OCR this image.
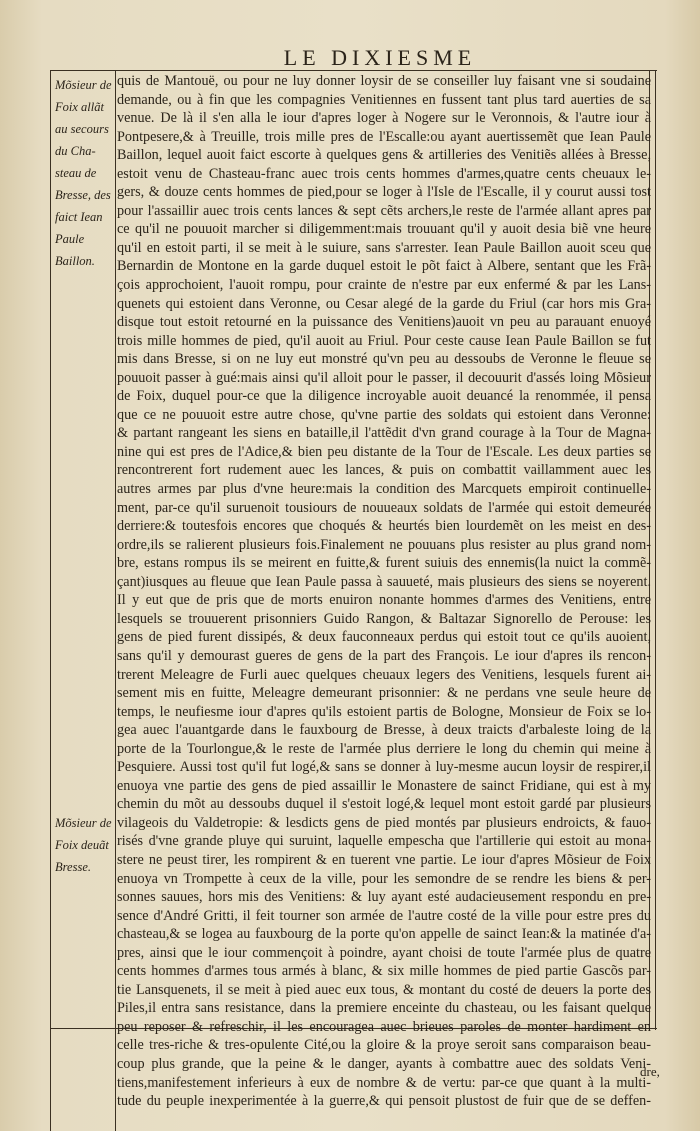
LE DIXIESME
Mõsieur de
Foix allãt
au secours
du Cha-
steau de
Bresse, des
faict Iean
Paule
Baillon.
Mõsieur de
Foix deuãt
Bresse.
quis de Mantouë, ou pour ne luy donner loysir de se conseiller luy faisant vne si soudaine
demande, ou à fin que les compagnies Venitiennes en fussent tant plus tard auerties de sa
venue. De là il s'en alla le iour d'apres loger à Nogere sur le Veronnois, & l'autre iour à
Pontpesere,& à Treuille, trois mille pres de l'Escalle:ou ayant auertissemẽt que Iean Paule
Baillon, lequel auoit faict escorte à quelques gens & artilleries des Venitiẽs allées à Bresse,
estoit venu de Chasteau-franc auec trois cents hommes d'armes,quatre cents cheuaux le-
gers, & douze cents hommes de pied,pour se loger à l'Isle de l'Escalle, il y courut aussi tost
pour l'assaillir auec trois cents lances & sept cẽts archers,le reste de l'armée allant apres par
ce qu'il ne pouuoit marcher si diligemment:mais trouuant qu'il y auoit desia biẽ vne heure
qu'il en estoit parti, il se meit à le suiure, sans s'arrester. Iean Paule Baillon auoit sceu que
Bernardin de Montone en la garde duquel estoit le põt faict à Albere, sentant que les Frã-
çois approchoient, l'auoit rompu, pour crainte de n'estre par eux enfermé & par les Lans-
quenets qui estoient dans Veronne, ou Cesar alegé de la garde du Friul (car hors mis Gra-
disque tout estoit retourné en la puissance des Venitiens)auoit vn peu au parauant enuoyé
trois mille hommes de pied, qu'il auoit au Friul. Pour ceste cause Iean Paule Baillon se fut
mis dans Bresse, si on ne luy eut monstré qu'vn peu au dessoubs de Veronne le fleuue se
pouuoit passer à gué:mais ainsi qu'il alloit pour le passer, il decouurit d'assés loing Mõsieur
de Foix, duquel pour-ce que la diligence incroyable auoit deuancé la renommée, il pensa
que ce ne pouuoit estre autre chose, qu'vne partie des soldats qui estoient dans Veronne:
& partant rangeant les siens en bataille,il l'attẽdit d'vn grand courage à la Tour de Magna-
nine qui est pres de l'Adice,& bien peu distante de la Tour de l'Escale. Les deux parties se
rencontrerent fort rudement auec les lances, & puis on combattit vaillamment auec les
autres armes par plus d'vne heure:mais la condition des Marcquets empiroit continuelle-
ment, par-ce qu'il suruenoit tousiours de nouueaux soldats de l'armée qui estoit demeurée
derriere:& toutesfois encores que choqués & heurtés bien lourdemẽt on les meist en des-
ordre,ils se ralierent plusieurs fois.Finalement ne pouuans plus resister au plus grand nom-
bre, estans rompus ils se meirent en fuitte,& furent suiuis des ennemis(la nuict la commẽ-
çant)iusques au fleuue que Iean Paule passa à sauueté, mais plusieurs des siens se noyerent.
Il y eut que de pris que de morts enuiron nonante hommes d'armes des Venitiens, entre
lesquels se trouuerent prisonniers Guido Rangon, & Baltazar Signorello de Perouse: les
gens de pied furent dissipés, & deux fauconneaux perdus qui estoit tout ce qu'ils auoient,
sans qu'il y demourast gueres de gens de la part des François. Le iour d'apres ils rencon-
trerent Meleagre de Furli auec quelques cheuaux legers des Venitiens, lesquels furent ai-
sement mis en fuitte, Meleagre demeurant prisonnier: & ne perdans vne seule heure de
temps, le neufiesme iour d'apres qu'ils estoient partis de Bologne, Monsieur de Foix se lo-
gea auec l'auantgarde dans le fauxbourg de Bresse, à deux traicts d'arbaleste loing de la
porte de la Tourlongue,& le reste de l'armée plus derriere le long du chemin qui meine à
Pesquiere. Aussi tost qu'il fut logé,& sans se donner à luy-mesme aucun loysir de respirer,il
enuoya vne partie des gens de pied assaillir le Monastere de sainct Fridiane, qui est à my
chemin du mõt au dessoubs duquel il s'estoit logé,& lequel mont estoit gardé par plusieurs
vilageois du Valdetropie: & lesdicts gens de pied montés par plusieurs endroicts, & fauo-
risés d'vne grande pluye qui suruint, laquelle empescha que l'artillerie qui estoit au mona-
stere ne peust tirer, les rompirent & en tuerent vne partie. Le iour d'apres Mõsieur de Foix
enuoya vn Trompette à ceux de la ville, pour les semondre de se rendre les biens & per-
sonnes sauues, hors mis des Venitiens: & luy ayant esté audacieusement respondu en pre-
sence d'André Gritti, il feit tourner son armée de l'autre costé de la ville pour estre pres du
chasteau,& se logea au fauxbourg de la porte qu'on appelle de sainct Iean:& la matinée d'a-
pres, ainsi que le iour commençoit à poindre, ayant choisi de toute l'armée plus de quatre
cents hommes d'armes tous armés à blanc, & six mille hommes de pied partie Gascõs par-
tie Lansquenets, il se meit à pied auec eux tous, & montant du costé de deuers la porte des
Piles,il entra sans resistance, dans la premiere enceinte du chasteau, ou les faisant quelque
peu reposer & refreschir, il les encouragea auec brieues paroles de monter hardiment en
celle tres-riche & tres-opulente Cité,ou la gloire & la proye seroit sans comparaison beau-
coup plus grande, que la peine & le danger, ayants à combattre auec des soldats Veni-
tiens,manifestement inferieurs à eux de nombre & de vertu: par-ce que quant à la multi-
tude du peuple inexperimentée à la guerre,& qui pensoit plustost de fuir que de se deffen-
dre,
